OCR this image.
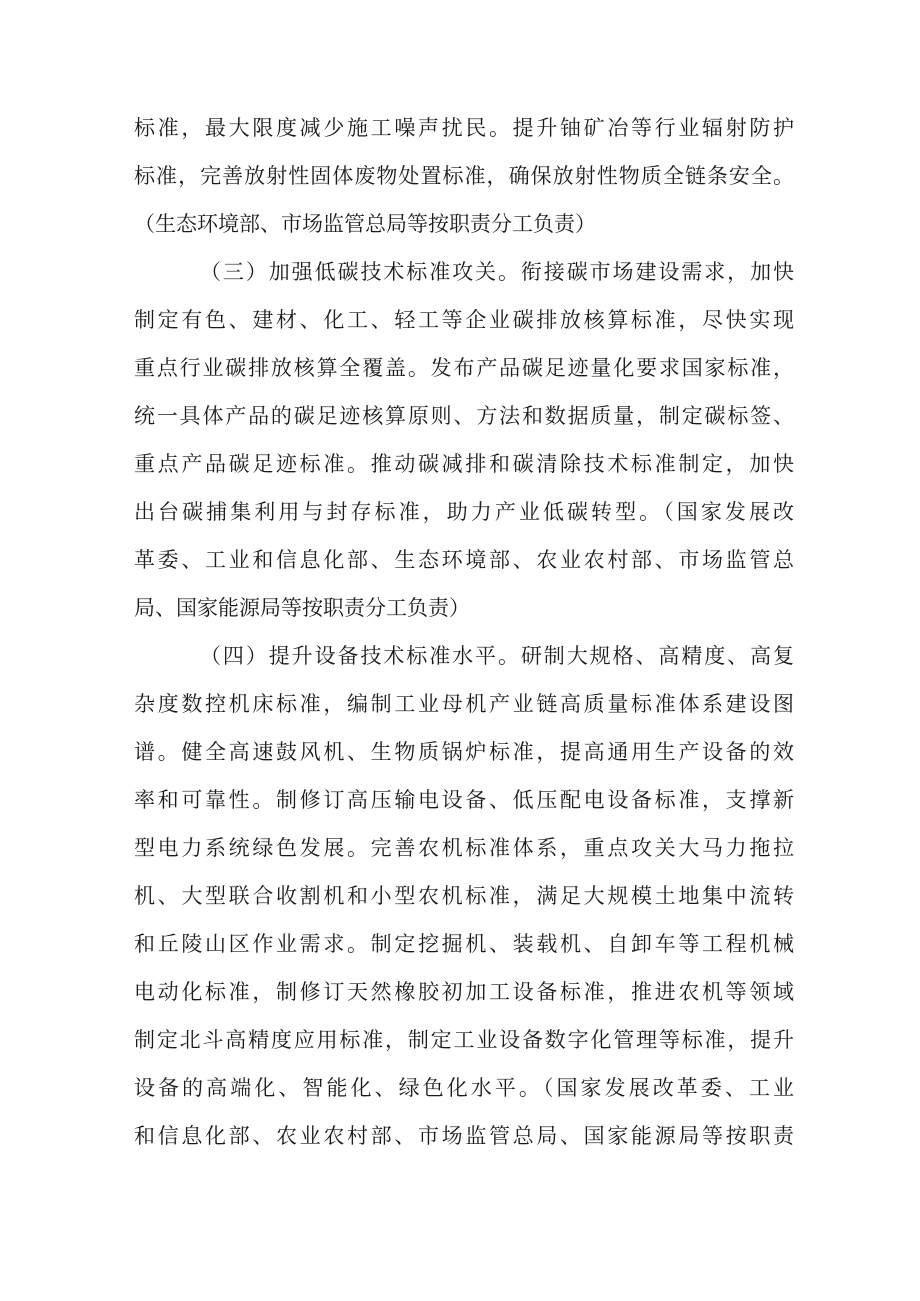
标准，最大限度减少施工噪声扰民。提升铀矿冶等行业辐射防护
标准，完善放射性固体废物处置标准，确保放射性物质全链条安全。
（生态环境部、市场监管总局等按职责分工负责）
（三）加强低碳技术标准攻关。衔接碳市场建设需求，加快
制定有色、建材、化工、轻工等企业碳排放核算标准，尽快实现
重点行业碳排放核算全覆盖。发布产品碳足迹量化要求国家标准，
统一具体产品的碳足迹核算原则、方法和数据质量，制定碳标签、
重点产品碳足迹标准。推动碳减排和碳清除技术标准制定，加快
出台碳捕集利用与封存标准，助力产业低碳转型。（国家发展改
革委、工业和信息化部、生态环境部、农业农村部、市场监管总
局、国家能源局等按职责分工负责）
（四）提升设备技术标准水平。研制大规格、高精度、高复
杂度数控机床标准，编制工业母机产业链高质量标准体系建设图
谱。健全高速鼓风机、生物质锅炉标准，提高通用生产设备的效
率和可靠性。制修订高压输电设备、低压配电设备标准，支撑新
型电力系统绿色发展。完善农机标准体系，重点攻关大马力拖拉
机、大型联合收割机和小型农机标准，满足大规模土地集中流转
和丘陵山区作业需求。制定挖掘机、装载机、自卸车等工程机械
电动化标准，制修订天然橡胶初加工设备标准，推进农机等领域
制定北斗高精度应用标准，制定工业设备数字化管理等标准，提升
设备的高端化、智能化、绿色化水平。（国家发展改革委、工业
和信息化部、农业农村部、市场监管总局、国家能源局等按职责
